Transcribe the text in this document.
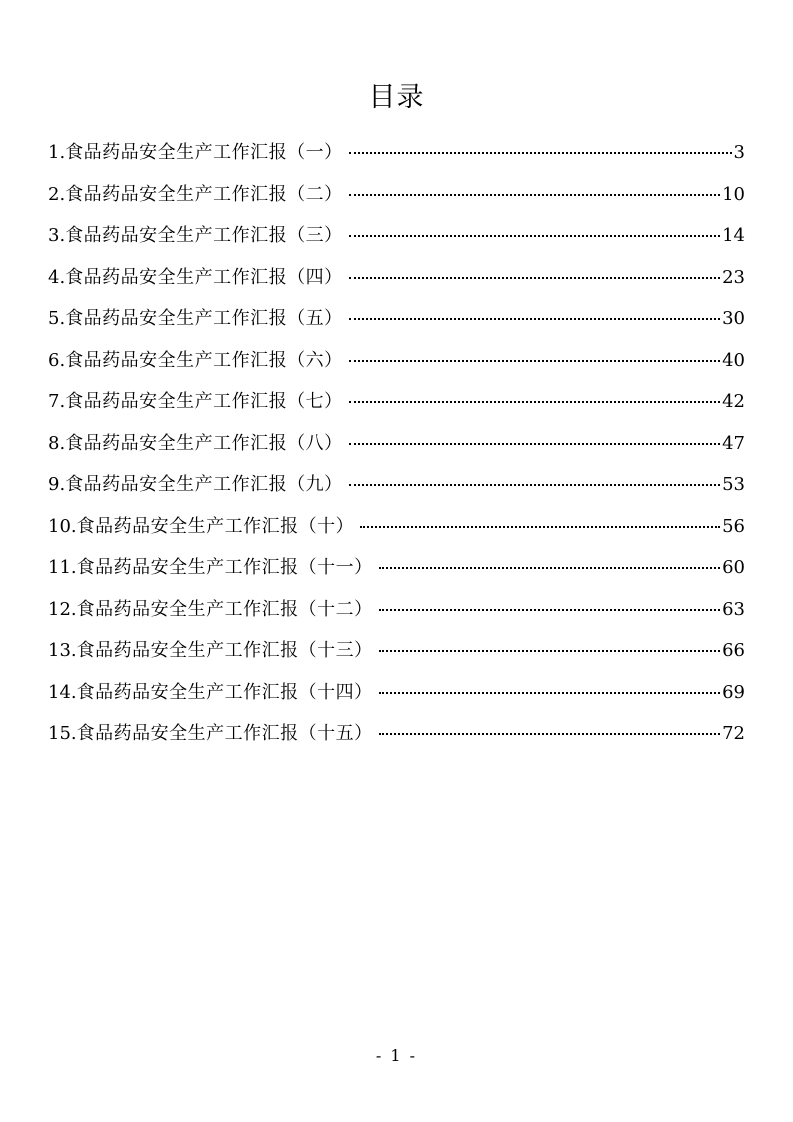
目录
1. 食品药品安全生产工作汇报（一）	3
2. 食品药品安全生产工作汇报（二）	10
3. 食品药品安全生产工作汇报（三）	14
4. 食品药品安全生产工作汇报（四）	23
5. 食品药品安全生产工作汇报（五）	30
6. 食品药品安全生产工作汇报（六）	40
7. 食品药品安全生产工作汇报（七）	42
8. 食品药品安全生产工作汇报（八）	47
9. 食品药品安全生产工作汇报（九）	53
10. 食品药品安全生产工作汇报（十）	56
11. 食品药品安全生产工作汇报（十一）	60
12. 食品药品安全生产工作汇报（十二）	63
13. 食品药品安全生产工作汇报（十三）	66
14. 食品药品安全生产工作汇报（十四）	69
15. 食品药品安全生产工作汇报（十五）	72
- 1 -
